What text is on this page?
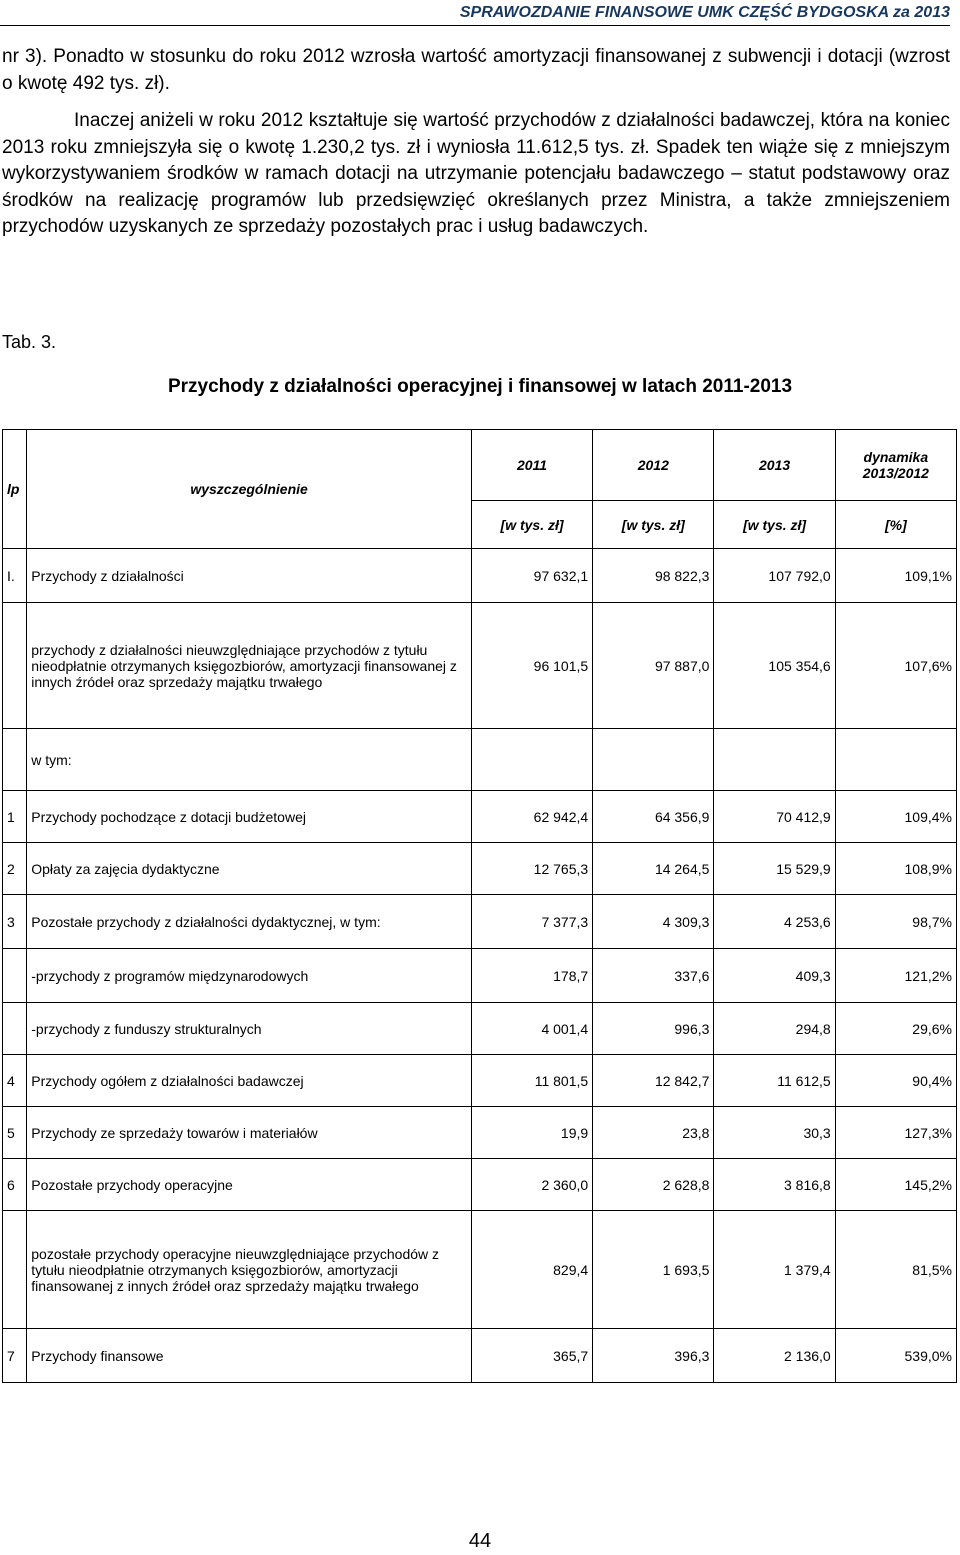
SPRAWOZDANIE FINANSOWE UMK CZĘŚĆ BYDGOSKA za 2013
nr 3). Ponadto w stosunku do roku 2012 wzrosła wartość amortyzacji finansowanej z subwencji i dotacji (wzrost o kwotę 492 tys. zł).
Inaczej aniżeli w roku 2012 kształtuje się wartość przychodów z działalności badawczej, która na koniec 2013 roku zmniejszyła się o kwotę 1.230,2 tys. zł i wyniosła 11.612,5 tys. zł. Spadek ten wiąże się z mniejszym wykorzystywaniem środków w ramach dotacji na utrzymanie potencjału badawczego – statut podstawowy oraz środków na realizację programów lub przedsięwzięć określanych przez Ministra, a także zmniejszeniem przychodów uzyskanych ze sprzedaży pozostałych prac i usług badawczych.
Tab. 3.
Przychody z działalności operacyjnej i finansowej w latach 2011-2013
lp	wyszczególnienie	2011	2012	2013	dynamika 2013/2012
		[w tys. zł]	[w tys. zł]	[w tys. zł]	[%]
I.	Przychody z działalności	97 632,1	98 822,3	107 792,0	109,1%
	przychody z działalności nieuwzględniające przychodów z tytułu nieodpłatnie otrzymanych księgozbiorów, amortyzacji finansowanej z innych źródeł oraz sprzedaży majątku trwałego	96 101,5	97 887,0	105 354,6	107,6%
	w tym:				
1	Przychody pochodzące z dotacji budżetowej	62 942,4	64 356,9	70 412,9	109,4%
2	Opłaty za zajęcia dydaktyczne	12 765,3	14 264,5	15 529,9	108,9%
3	Pozostałe przychody z działalności dydaktycznej, w tym:	7 377,3	4 309,3	4 253,6	98,7%
	-przychody z programów międzynarodowych	178,7	337,6	409,3	121,2%
	-przychody z funduszy strukturalnych	4 001,4	996,3	294,8	29,6%
4	Przychody ogółem z działalności badawczej	11 801,5	12 842,7	11 612,5	90,4%
5	Przychody ze sprzedaży towarów i materiałów	19,9	23,8	30,3	127,3%
6	Pozostałe przychody operacyjne	2 360,0	2 628,8	3 816,8	145,2%
	pozostałe przychody operacyjne nieuwzględniające przychodów z tytułu nieodpłatnie otrzymanych księgozbiorów, amortyzacji finansowanej z innych źródeł oraz sprzedaży majątku trwałego	829,4	1 693,5	1 379,4	81,5%
7	Przychody finansowe	365,7	396,3	2 136,0	539,0%
44
